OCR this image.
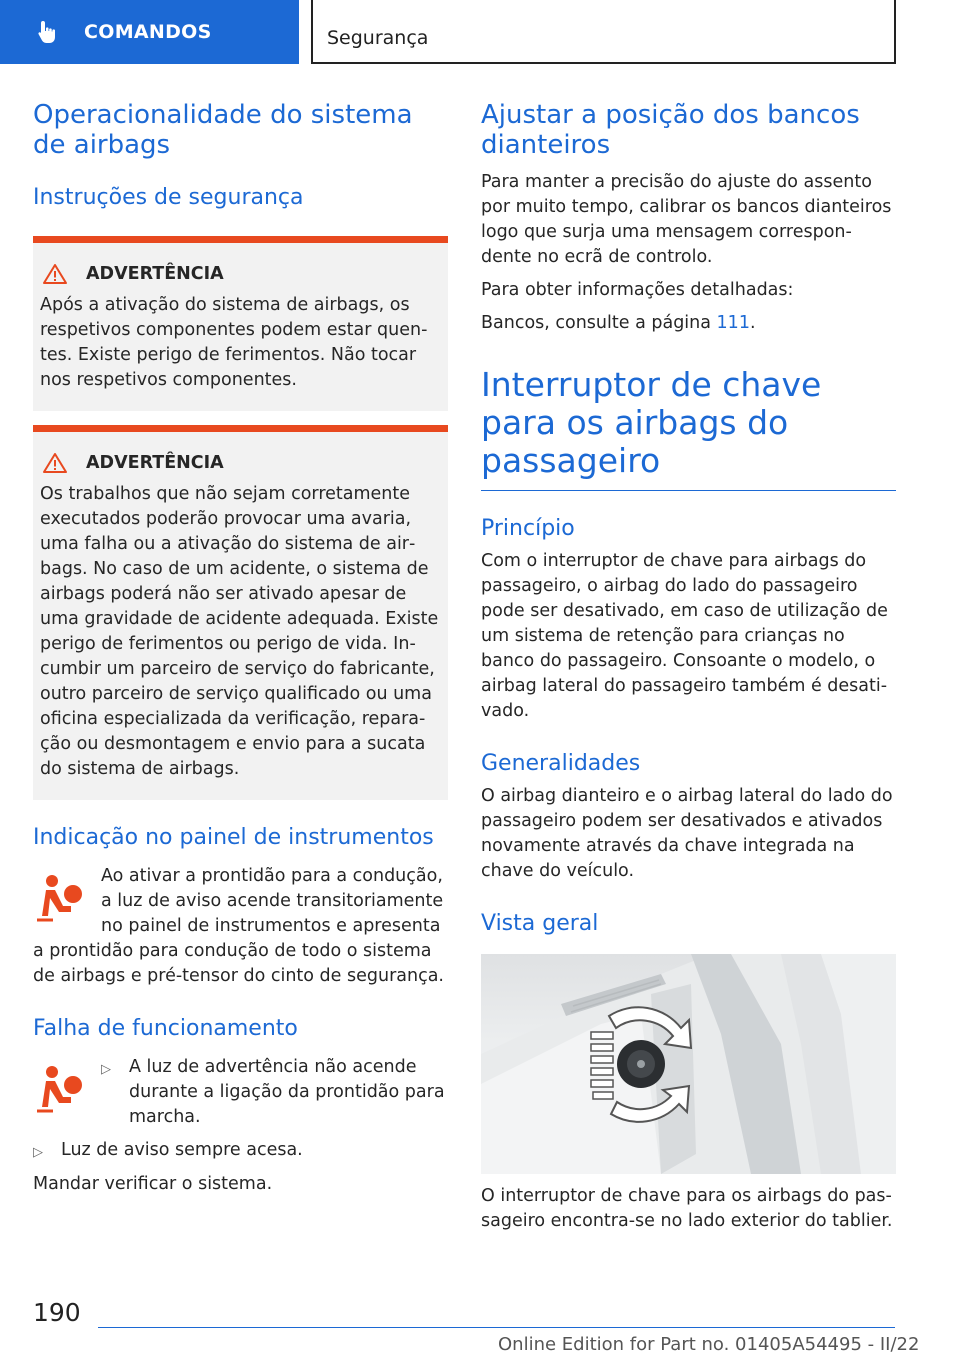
COMANDOS	Segurança
Operacionalidade do sistema de airbags
Instruções de segurança
ADVERTÊNCIA
Após a ativação do sistema de airbags, os respetivos componentes podem estar quentes. Existe perigo de ferimentos. Não tocar nos respetivos componentes.
ADVERTÊNCIA
Os trabalhos que não sejam corretamente executados poderão provocar uma avaria, uma falha ou a ativação do sistema de airbags. No caso de um acidente, o sistema de airbags poderá não ser ativado apesar de uma gravidade de acidente adequada. Existe perigo de ferimentos ou perigo de vida. Incumbir um parceiro de serviço do fabricante, outro parceiro de serviço qualificado ou uma oficina especializada da verificação, reparação ou desmontagem e envio para a sucata do sistema de airbags.
Indicação no painel de instrumentos
Ao ativar a prontidão para a condução, a luz de aviso acende transitoriamente no painel de instrumentos e apresenta a prontidão para condução de todo o sistema de airbags e pré-tensor do cinto de segurança.
Falha de funcionamento
▷	A luz de advertência não acende durante a ligação da prontidão para marcha.
▷	Luz de aviso sempre acesa.
Mandar verificar o sistema.
Ajustar a posição dos bancos dianteiros
Para manter a precisão do ajuste do assento por muito tempo, calibrar os bancos dianteiros logo que surja uma mensagem correspondente no ecrã de controlo.
Para obter informações detalhadas:
Bancos, consulte a página 111.
Interruptor de chave para os airbags do passageiro
Princípio
Com o interruptor de chave para airbags do passageiro, o airbag do lado do passageiro pode ser desativado, em caso de utilização de um sistema de retenção para crianças no banco do passageiro. Consoante o modelo, o airbag lateral do passageiro também é desativado.
Generalidades
O airbag dianteiro e o airbag lateral do lado do passageiro podem ser desativados e ativados novamente através da chave integrada na chave do veículo.
Vista geral
O interruptor de chave para os airbags do passageiro encontra-se no lado exterior do tablier.
190
Online Edition for Part no. 01405A54495 - II/22
